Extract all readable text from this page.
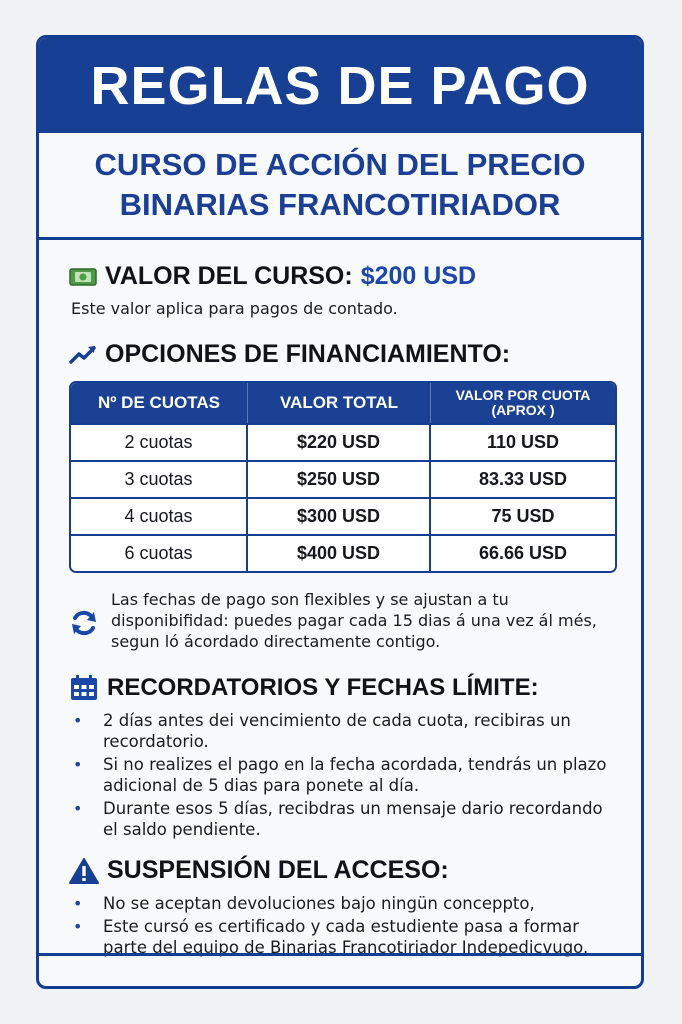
REGLAS DE PAGO
CURSO DE ACCIÓN DEL PRECIO
BINARIAS FRANCOTIRIADOR
VALOR DEL CURSO: $200 USD
Este valor aplica para pagos de contado.
OPCIONES DE FINANCIAMIENTO:
Nº DE CUOTAS	VALOR TOTAL	VALOR POR CUOTA (APROX )
2 cuotas	$220 USD	110 USD
3 cuotas	$250 USD	83.33 USD
4 cuotas	$300 USD	75 USD
6 cuotas	$400 USD	66.66 USD
Las fechas de pago son flexibles y se ajustan a tu disponibifidad: puedes pagar cada 15 dias á una vez ál més, segun ló ácordado directamente contigo.
RECORDATORIOS Y FECHAS LÍMITE:
• 2 días antes dei vencimiento de cada cuota, recibiras un recordatorio.
• Si no realizes el pago en la fecha acordada, tendrás un plazo adicional de 5 dias para ponete al día.
• Durante esos 5 días, recibdras un mensaje dario recordando el saldo pendiente.
SUSPENSIÓN DEL ACCESO:
• No se aceptan devoluciones bajo ningün conceppto,
• Este cursó es certificado y cada estudiente pasa a formar parte del equipo de Binarias Francotiriador Indepedicvugo.
